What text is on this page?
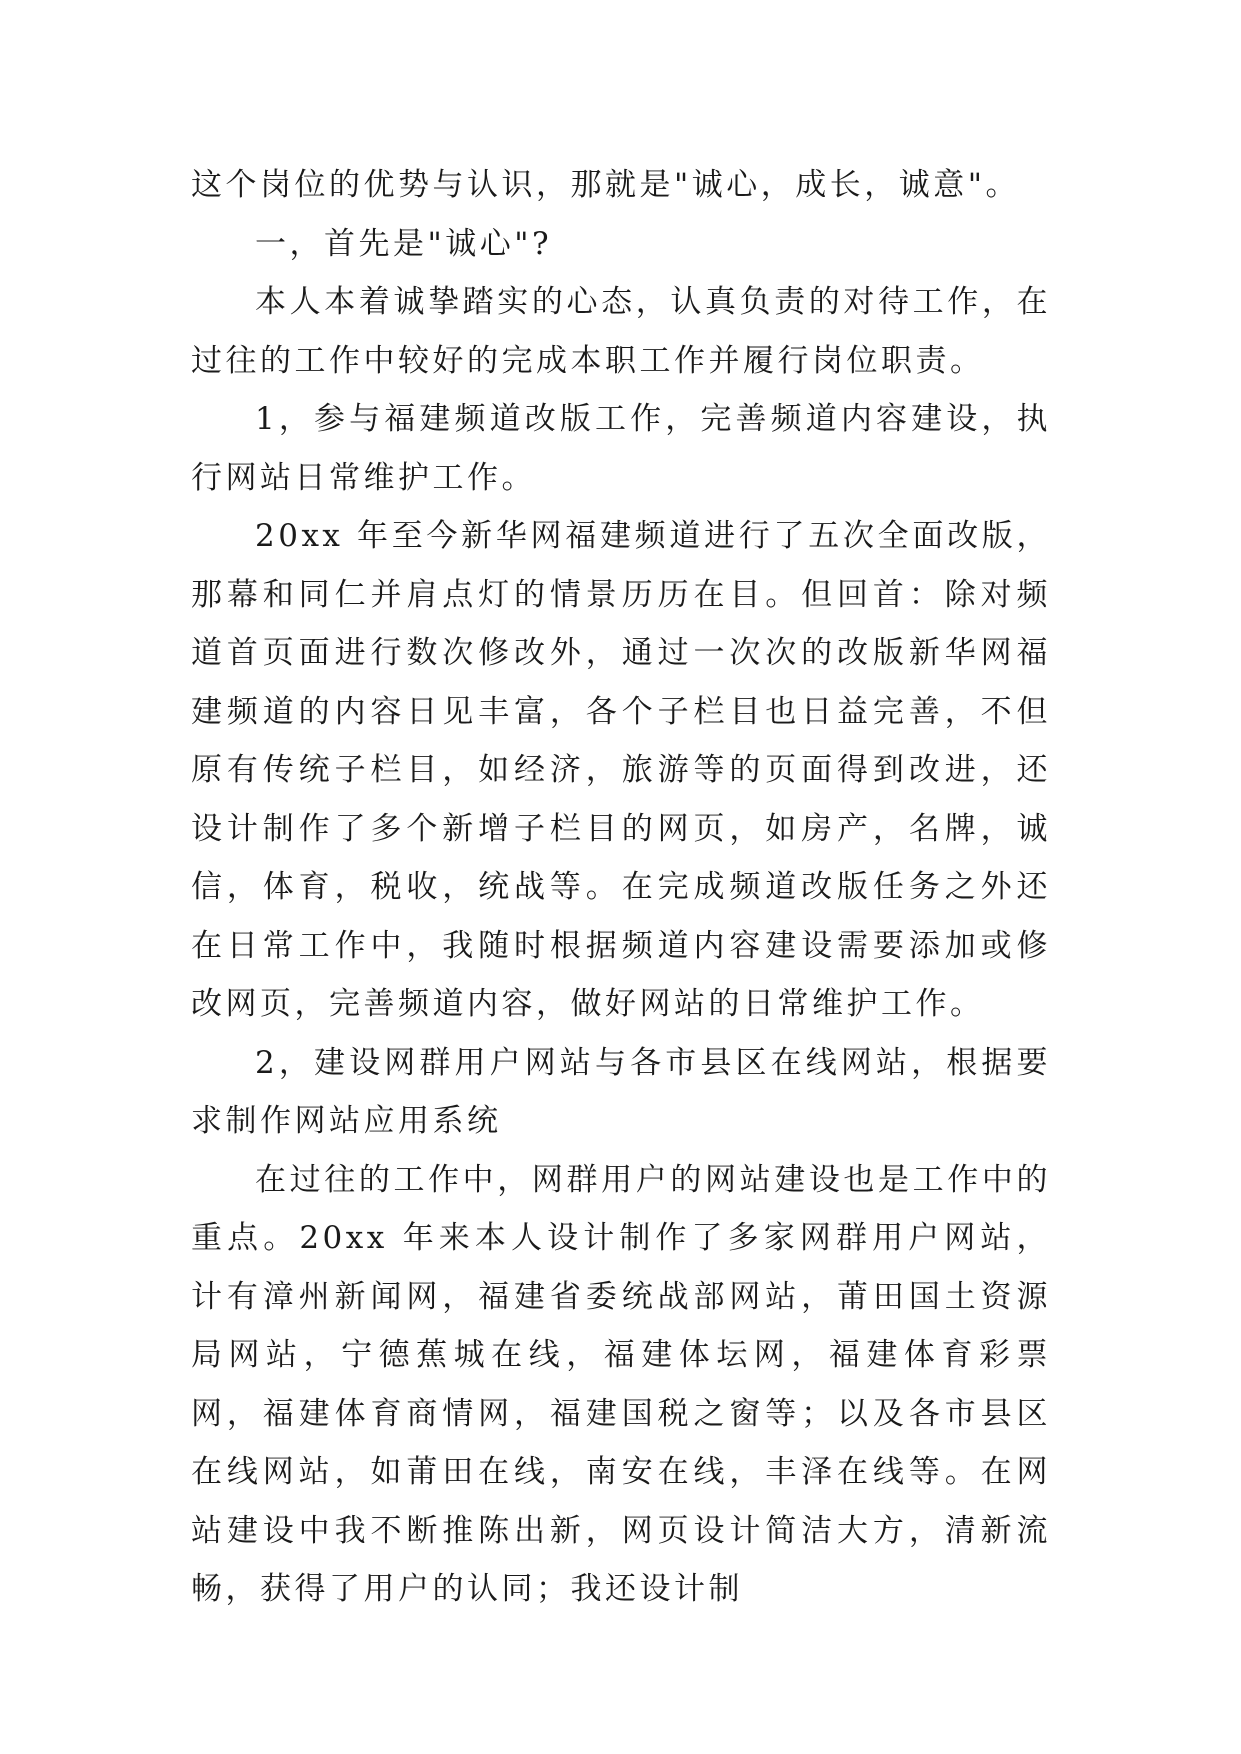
这个岗位的优势与认识，那就是"诚心，成长，诚意"。

一，首先是"诚心"?

本人本着诚挚踏实的心态，认真负责的对待工作，在过往的工作中较好的完成本职工作并履行岗位职责。

1，参与福建频道改版工作，完善频道内容建设，执行网站日常维护工作。

20xx 年至今新华网福建频道进行了五次全面改版，那幕和同仁并肩点灯的情景历历在目。但回首：除对频道首页面进行数次修改外，通过一次次的改版新华网福建频道的内容日见丰富，各个子栏目也日益完善，不但原有传统子栏目，如经济，旅游等的页面得到改进，还设计制作了多个新增子栏目的网页，如房产，名牌，诚信，体育，税收，统战等。在完成频道改版任务之外还在日常工作中，我随时根据频道内容建设需要添加或修改网页，完善频道内容，做好网站的日常维护工作。

2，建设网群用户网站与各市县区在线网站，根据要求制作网站应用系统

在过往的工作中，网群用户的网站建设也是工作中的重点。20xx 年来本人设计制作了多家网群用户网站，计有漳州新闻网，福建省委统战部网站，莆田国土资源局网站，宁德蕉城在线，福建体坛网，福建体育彩票网，福建体育商情网，福建国税之窗等；以及各市县区在线网站，如莆田在线，南安在线，丰泽在线等。在网站建设中我不断推陈出新，网页设计简洁大方，清新流畅，获得了用户的认同；我还设计制
